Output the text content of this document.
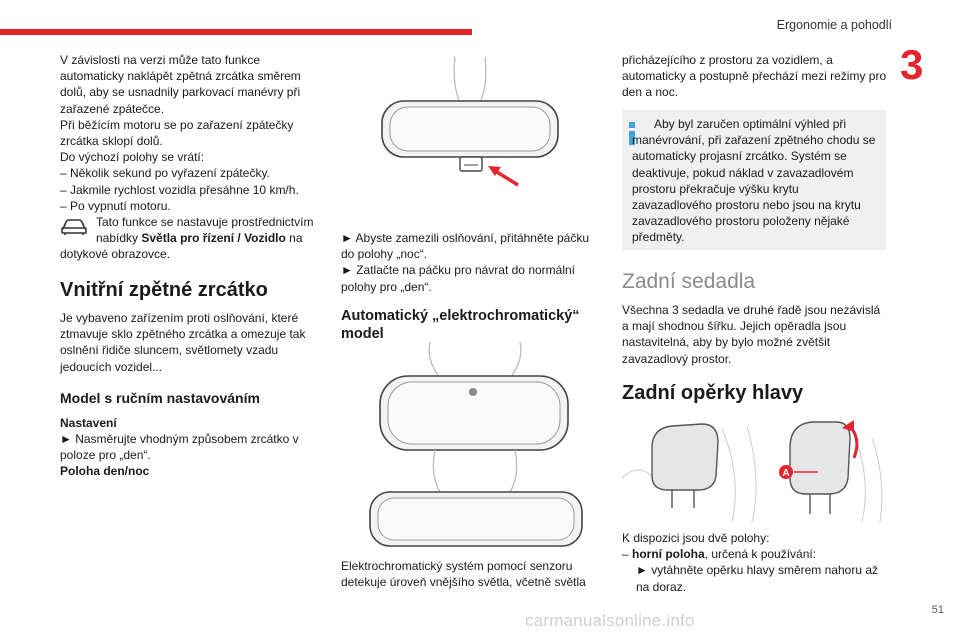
Ergonomie a pohodlí
3
51

V závislosti na verzi může tato funkce automaticky naklápět zpětná zrcátka směrem dolů, aby se usnadnily parkovací manévry při zařazené zpátečce.

Při běžícím motoru se po zařazení zpátečky zrcátka sklopí dolů.

Do výchozí polohy se vrátí:

– Několik sekund po vyřazení zpátečky.

– Jakmile rychlost vozidla přesáhne 10 km/h.

– Po vypnutí motoru.

Tato funkce se nastavuje prostřednictvím

nabídky Světla pro řízení / Vozidlo na

dotykové obrazovce.

Vnitřní zpětné zrcátko

Je vybaveno zařízením proti oslňování, které ztmavuje sklo zpětného zrcátka a omezuje tak oslnění řidiče sluncem, světlomety vzadu jedoucích vozidel...

Model s ručním nastavováním

Nastavení

► Nasměrujte vhodným způsobem zrcátko v poloze pro „den“.

Poloha den/noc

► Abyste zamezili oslňování, přitáhněte páčku do polohy „noc“.

► Zatlačte na páčku pro návrat do normální polohy pro „den“.

Automatický „elektrochromatický“ model

Elektrochromatický systém pomocí senzoru detekuje úroveň vnějšího světla, včetně světla

přicházejícího z prostoru za vozidlem, a automaticky a postupně přechází mezi režimy pro den a noc.

Aby byl zaručen optimální výhled při manévrování, při zařazení zpětného chodu se automaticky projasní zrcátko. Systém se deaktivuje, pokud náklad v zavazadlovém prostoru překračuje výšku krytu zavazadlového prostoru nebo jsou na krytu zavazadlového prostoru položeny nějaké předměty.

Zadní sedadla

Všechna 3 sedadla ve druhé řadě jsou nezávislá a mají shodnou šířku. Jejich opěradla jsou nastavitelná, aby by bylo možné zvětšit zavazadlový prostor.

Zadní opěrky hlavy
A

K dispozici jsou dvě polohy:

– horní poloha, určená k používání:

► vytáhněte opěrku hlavy směrem nahoru až na doraz.

carmanualsonline.info
